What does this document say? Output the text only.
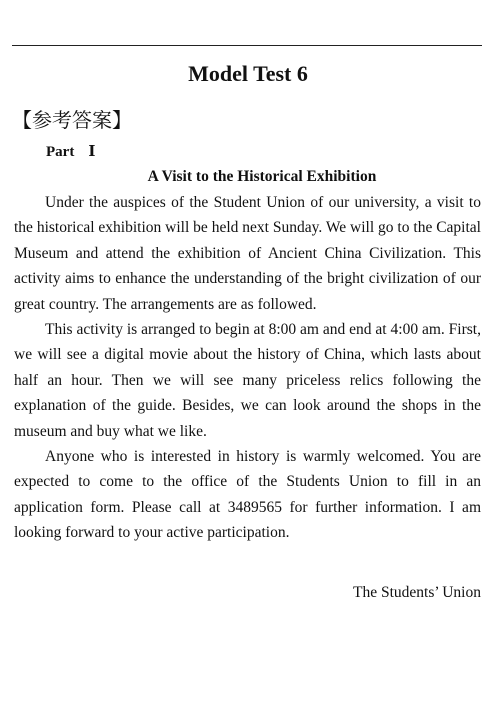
Model Test 6
【参考答案】
Part Ⅰ
A Visit to the Historical Exhibition

Under the auspices of the Student Union of our university, a visit to the historical exhibition will be held next Sunday. We will go to the Capital Museum and attend the exhibition of Ancient China Civilization. This activity aims to enhance the understanding of the bright civilization of our great country. The arrangements are as followed.

This activity is arranged to begin at 8:00 am and end at 4:00 am. First, we will see a digital movie about the history of China, which lasts about half an hour. Then we will see many priceless relics following the explanation of the guide. Besides, we can look around the shops in the museum and buy what we like.

Anyone who is interested in history is warmly welcomed. You are expected to come to the office of the Students Union to fill in an application form. Please call at 3489565 for further information. I am looking forward to your active participation.

The Students’ Union
